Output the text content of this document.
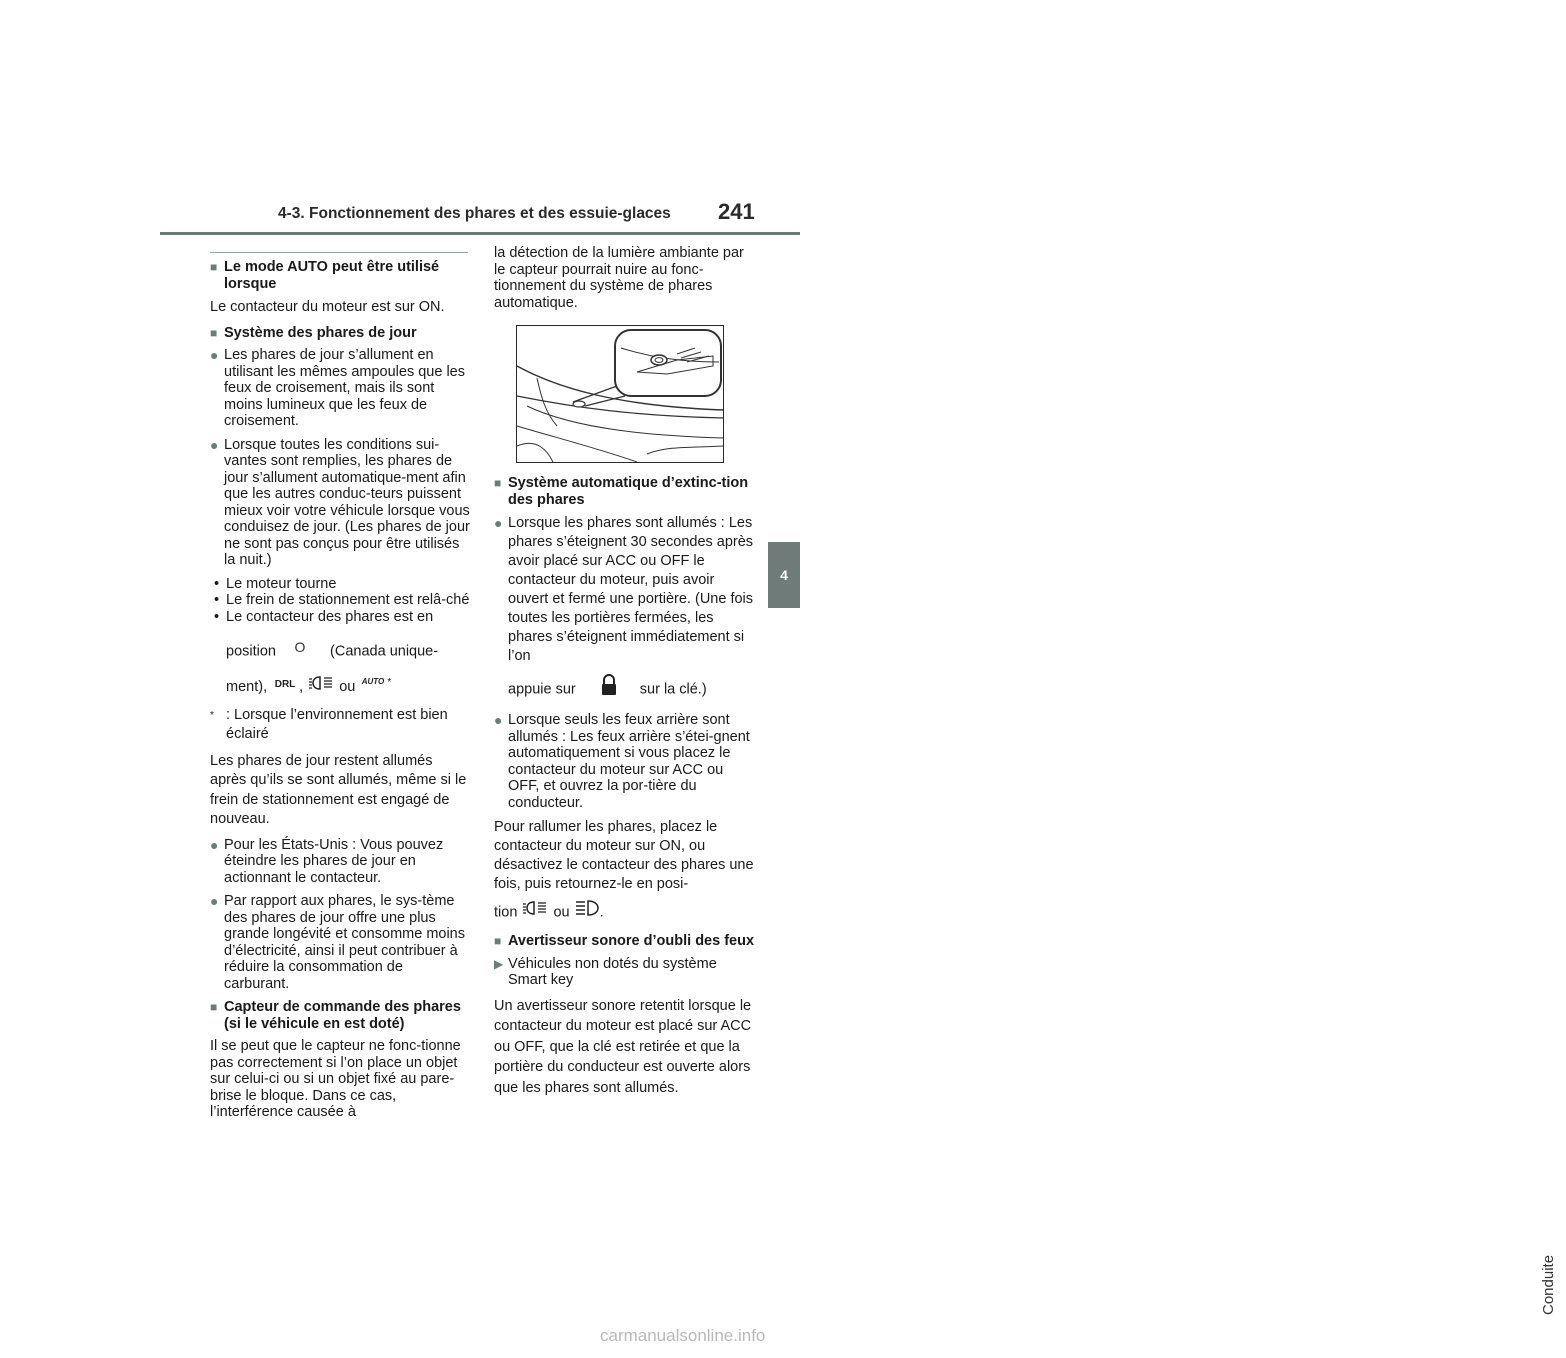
4-3. Fonctionnement des phares et des essuie-glaces 241
4
Conduite
■ Le mode AUTO peut être utilisé lorsque
Le contacteur du moteur est sur ON.
■ Système des phares de jour
● Les phares de jour s’allument en utilisant les mêmes ampoules que les feux de croisement, mais ils sont moins lumineux que les feux de croisement.
● Lorsque toutes les conditions sui-vantes sont remplies, les phares de jour s’allument automatique-ment afin que les autres conduc-teurs puissent mieux voir votre véhicule lorsque vous conduisez de jour. (Les phares de jour ne sont pas conçus pour être utilisés la nuit.)
• Le moteur tourne
• Le frein de stationnement est relâ-ché
• Le contacteur des phares est en
position O (Canada unique-
ment), DRL , ou AUTO *
* : Lorsque l’environnement est bien éclairé
Les phares de jour restent allumés après qu’ils se sont allumés, même si le frein de stationnement est engagé de nouveau.
● Pour les États-Unis : Vous pouvez éteindre les phares de jour en actionnant le contacteur.
● Par rapport aux phares, le sys-tème des phares de jour offre une plus grande longévité et consomme moins d’électricité, ainsi il peut contribuer à réduire la consommation de carburant.
■ Capteur de commande des phares (si le véhicule en est doté)
Il se peut que le capteur ne fonc-tionne pas correctement si l’on place un objet sur celui-ci ou si un objet fixé au pare-brise le bloque. Dans ce cas, l’interférence causée à
la détection de la lumière ambiante par le capteur pourrait nuire au fonc-tionnement du système de phares automatique.
■ Système automatique d’extinc-tion des phares
● Lorsque les phares sont allumés : Les phares s’éteignent 30 secondes après avoir placé sur ACC ou OFF le contacteur du moteur, puis avoir ouvert et fermé une portière. (Une fois toutes les portières fermées, les phares s’éteignent immédiatement si l’on
appuie sur	sur la clé.)
● Lorsque seuls les feux arrière sont allumés : Les feux arrière s’étei-gnent automatiquement si vous placez le contacteur du moteur sur ACC ou OFF, et ouvrez la por-tière du conducteur.
Pour rallumer les phares, placez le contacteur du moteur sur ON, ou désactivez le contacteur des phares une fois, puis retournez-le en posi-
tion ou .
■ Avertisseur sonore d’oubli des feux
▶ Véhicules non dotés du système Smart key
Un avertisseur sonore retentit lorsque le contacteur du moteur est placé sur ACC ou OFF, que la clé est retirée et que la portière du conducteur est ouverte alors que les phares sont allumés.
carmanualsonline.info
